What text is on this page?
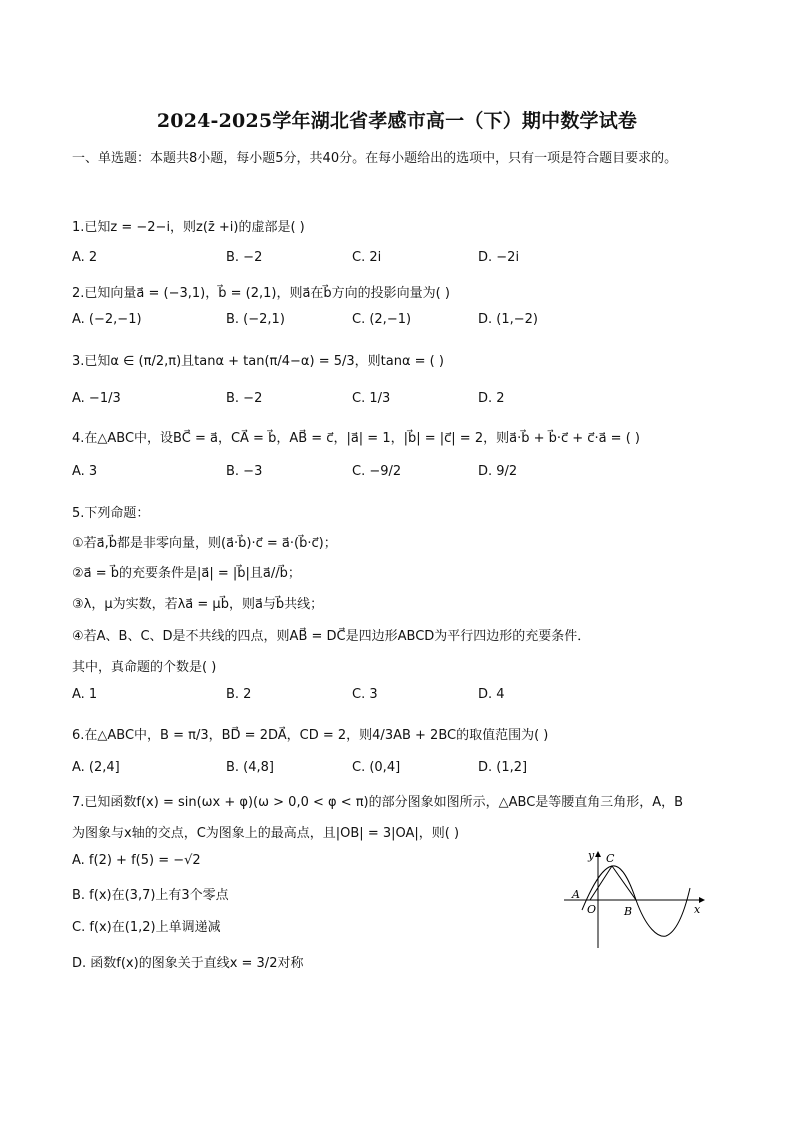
2024-2025学年湖北省孝感市高一（下）期中数学试卷
一、单选题：本题共8小题，每小题5分，共40分。在每小题给出的选项中，只有一项是符合题目要求的。
1.已知z = −2−i，则z(z̄ +i)的虚部是( )
A. 2	B. −2	C. 2i	D. −2i
2.已知向量a⃗ = (−3,1)，b⃗ = (2,1)，则a⃗在b⃗方向的投影向量为( )
A. (−2,−1)	B. (−2,1)	C. (2,−1)	D. (1,−2)
3.已知α ∈ (π/2,π)且tanα + tan(π/4−α) = 5/3，则tanα = ( )
A. −1/3	B. −2	C. 1/3	D. 2
4.在△ABC中，设BC⃗ = a⃗，CA⃗ = b⃗，AB⃗ = c⃗，|a⃗| = 1，|b⃗| = |c⃗| = 2，则a⃗·b⃗ + b⃗·c⃗ + c⃗·a⃗ = ( )
A. 3	B. −3	C. −9/2	D. 9/2
5.下列命题：
①若a⃗,b⃗都是非零向量，则(a⃗·b⃗)·c⃗ = a⃗·(b⃗·c⃗)；
②a⃗ = b⃗的充要条件是|a⃗| = |b⃗|且a⃗//b⃗；
③λ，μ为实数，若λa⃗ = μb⃗，则a⃗与b⃗共线；
④若A、B、C、D是不共线的四点，则AB⃗ = DC⃗是四边形ABCD为平行四边形的充要条件．
其中，真命题的个数是( )
A. 1	B. 2	C. 3	D. 4
6.在△ABC中，B = π/3，BD⃗ = 2DA⃗，CD = 2，则4/3AB + 2BC的取值范围为( )
A. (2,4]	B. (4,8]	C. (0,4]	D. (1,2]
7.已知函数f(x) = sin(ωx + φ)(ω > 0,0 < φ < π)的部分图象如图所示，△ABC是等腰直角三角形，A，B
为图象与x轴的交点，C为图象上的最高点，且|OB| = 3|OA|，则( )
A. f(2) + f(5) = −√2
B. f(x)在(3,7)上有3个零点
C. f(x)在(1,2)上单调递减
D. 函数f(x)的图象关于直线x = 3/2对称
y
x
O
A
B
C
